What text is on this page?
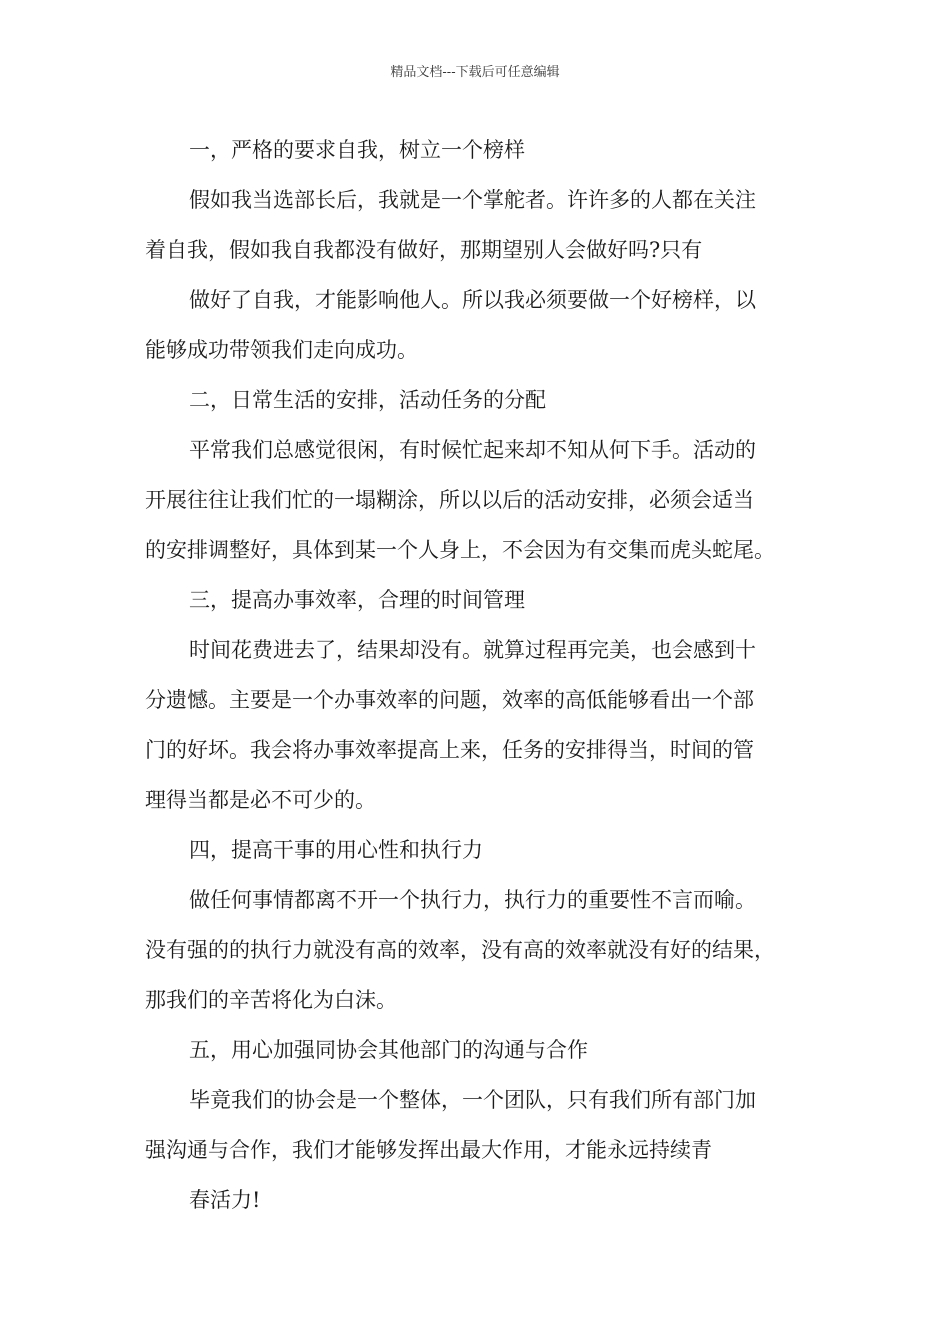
精品文档---下载后可任意编辑
一，严格的要求自我，树立一个榜样
假如我当选部长后，我就是一个掌舵者。许许多的人都在关注
着自我，假如我自我都没有做好，那期望别人会做好吗?只有
做好了自我，才能影响他人。所以我必须要做一个好榜样，以
能够成功带领我们走向成功。
二，日常生活的安排，活动任务的分配
平常我们总感觉很闲，有时候忙起来却不知从何下手。活动的
开展往往让我们忙的一塌糊涂，所以以后的活动安排，必须会适当
的安排调整好，具体到某一个人身上，不会因为有交集而虎头蛇尾。
三，提高办事效率，合理的时间管理
时间花费进去了，结果却没有。就算过程再完美，也会感到十
分遗憾。主要是一个办事效率的问题，效率的高低能够看出一个部
门的好坏。我会将办事效率提高上来，任务的安排得当，时间的管
理得当都是必不可少的。
四，提高干事的用心性和执行力
做任何事情都离不开一个执行力，执行力的重要性不言而喻。
没有强的的执行力就没有高的效率，没有高的效率就没有好的结果，
那我们的辛苦将化为白沫。
五，用心加强同协会其他部门的沟通与合作
毕竟我们的协会是一个整体，一个团队，只有我们所有部门加
强沟通与合作，我们才能够发挥出最大作用，才能永远持续青
春活力!
